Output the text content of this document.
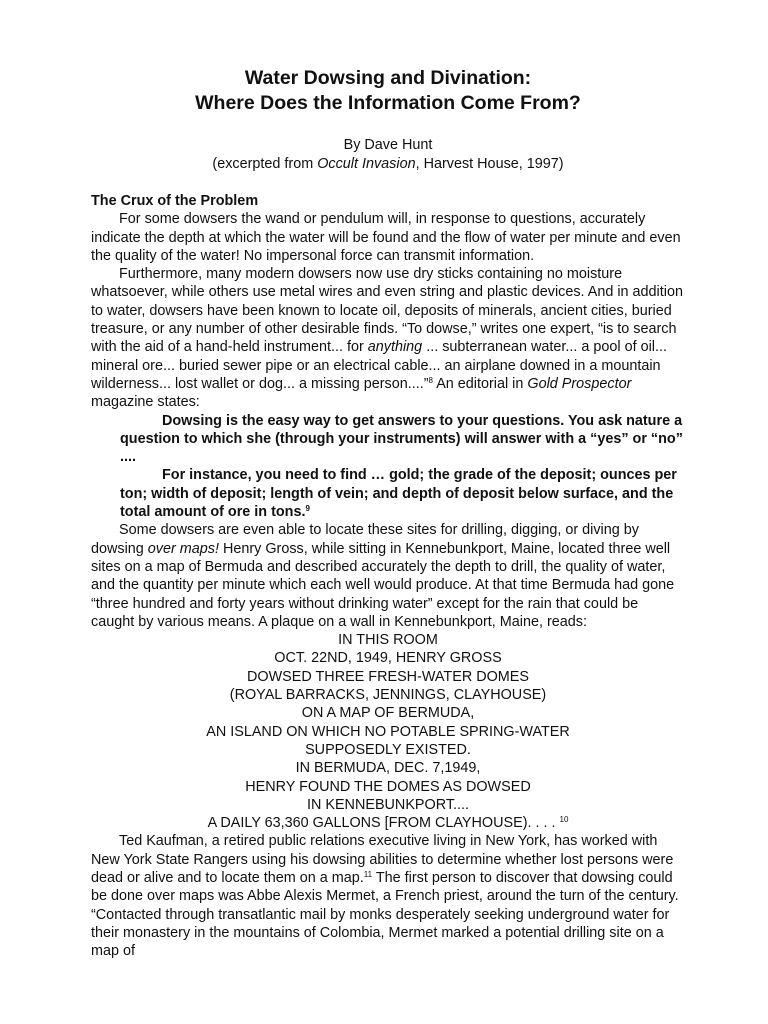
Water Dowsing and Divination:
Where Does the Information Come From?
By Dave Hunt
(excerpted from Occult Invasion, Harvest House, 1997)
The Crux of the Problem

For some dowsers the wand or pendulum will, in response to questions, accurately indicate the depth at which the water will be found and the flow of water per minute and even the quality of the water! No impersonal force can transmit information.

Furthermore, many modern dowsers now use dry sticks containing no moisture whatsoever, while others use metal wires and even string and plastic devices. And in addition to water, dowsers have been known to locate oil, deposits of minerals, ancient cities, buried treasure, or any number of other desirable finds. “To dowse,” writes one expert, “is to search with the aid of a hand-held instrument... for anything ... subterranean water... a pool of oil... mineral ore... buried sewer pipe or an electrical cable... an airplane downed in a mountain wilderness... lost wallet or dog... a missing person....”$^8$ An editorial in Gold Prospector magazine states:

Dowsing is the easy way to get answers to your questions. You ask nature a question to which she (through your instruments) will answer with a “yes” or “no” ....

For instance, you need to find … gold; the grade of the deposit; ounces per ton; width of deposit; length of vein; and depth of deposit below surface, and the total amount of ore in tons.$^9$

Some dowsers are even able to locate these sites for drilling, digging, or diving by dowsing over maps! Henry Gross, while sitting in Kennebunkport, Maine, located three well sites on a map of Bermuda and described accurately the depth to drill, the quality of water, and the quantity per minute which each well would produce. At that time Bermuda had gone “three hundred and forty years without drinking water” except for the rain that could be caught by various means. A plaque on a wall in Kennebunkport, Maine, reads:

IN THIS ROOM

OCT. 22ND, 1949, HENRY GROSS

DOWSED THREE FRESH-WATER DOMES

(ROYAL BARRACKS, JENNINGS, CLAYHOUSE)

ON A MAP OF BERMUDA,

AN ISLAND ON WHICH NO POTABLE SPRING-WATER

SUPPOSEDLY EXISTED.

IN BERMUDA, DEC. 7,1949,

HENRY FOUND THE DOMES AS DOWSED

IN KENNEBUNKPORT....

A DAILY 63,360 GALLONS [FROM CLAYHOUSE). . . . $^{10}$

Ted Kaufman, a retired public relations executive living in New York, has worked with New York State Rangers using his dowsing abilities to determine whether lost persons were dead or alive and to locate them on a map.$^{11}$ The first person to discover that dowsing could be done over maps was Abbe Alexis Mermet, a French priest, around the turn of the century. “Contacted through transatlantic mail by monks desperately seeking underground water for their monastery in the mountains of Colombia, Mermet marked a potential drilling site on a map of
